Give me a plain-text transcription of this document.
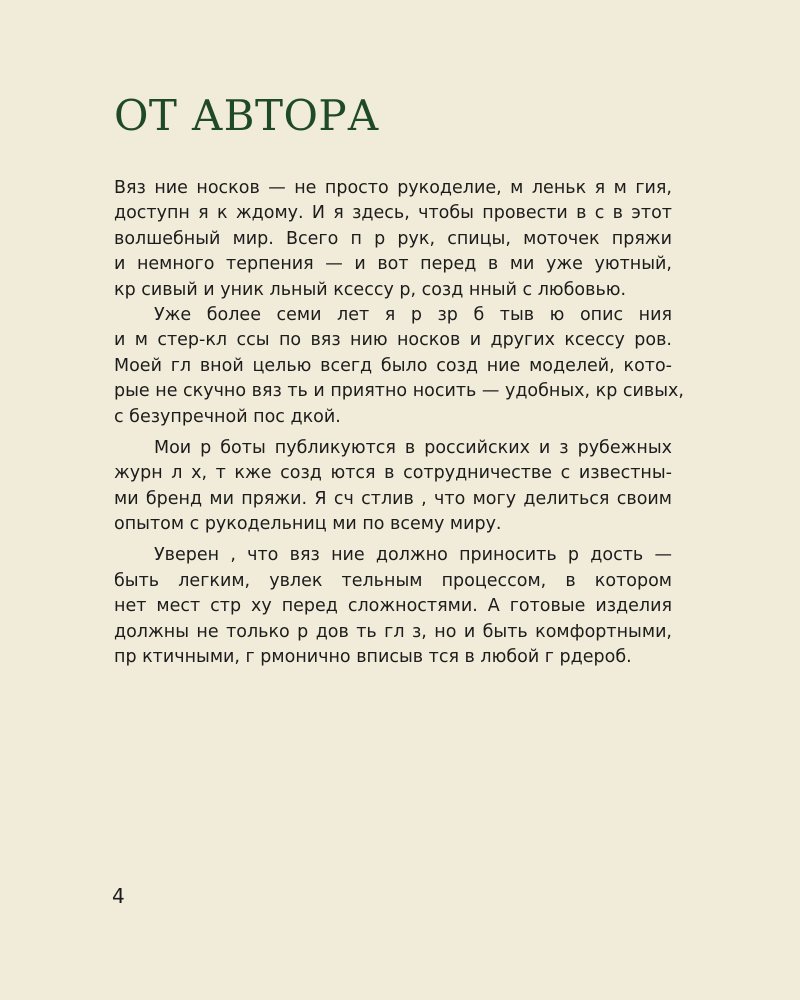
ОТ АВТОРА
Вяз ние носков — не просто рукоделие, м леньк я м гия,
доступн я к ждому. И я здесь, чтобы провести в с в этот
волшебный мир. Всего п р рук, спицы, моточек пряжи
и немного терпения — и вот перед в ми уже уютный,
кр сивый и уник льный ксессу р, созд нный с любовью.
Уже более семи лет я р зр б тыв ю опис ния
и м стер-кл ссы по вяз нию носков и других ксессу ров.
Моей гл вной целью всегд было созд ние моделей, кото-
рые не скучно вяз ть и приятно носить — удобных, кр сивых,
с безупречной пос дкой.
Мои р боты публикуются в российских и з рубежных
журн л х, т кже созд ются в сотрудничестве с известны-
ми бренд ми пряжи. Я сч стлив , что могу делиться своим
опытом с рукодельниц ми по всему миру.
Уверен , что вяз ние должно приносить р дость —
быть легким, увлек тельным процессом, в котором
нет мест стр ху перед сложностями. А готовые изделия
должны не только р дов ть гл з, но и быть комфортными,
пр ктичными, г рмонично вписыв тся в любой г рдероб.
4
